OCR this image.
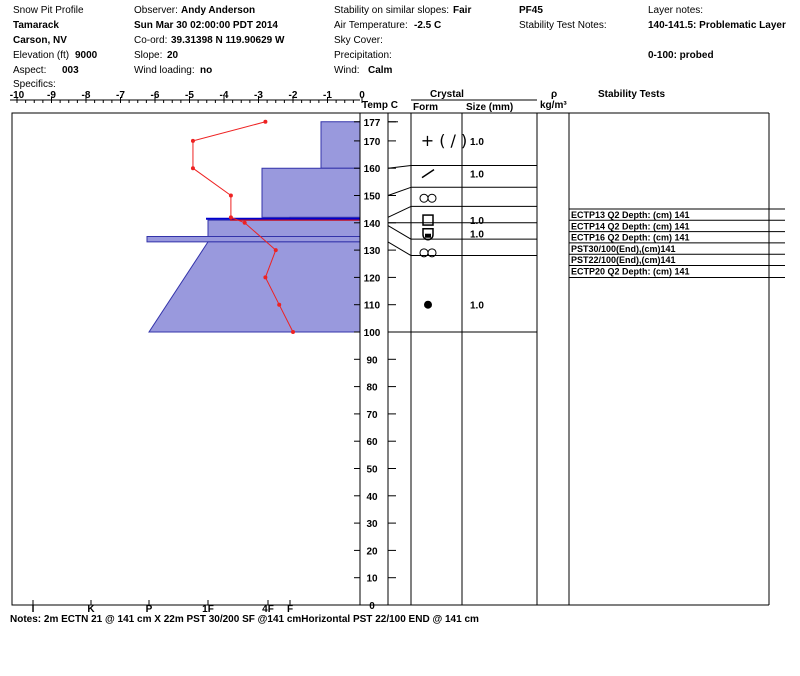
Snow Pit Profile
Tamarack
Carson, NV
Elevation (ft) 9000
Aspect: 003
Specifics:
Observer: Andy Anderson
Sun Mar 30 02:00:00 PDT 2014
Co-ord: 39.31398 N 119.90629 W
Slope: 20
Wind loading: no
Stability on similar slopes: Fair
Air Temperature: -2.5 C
Sky Cover:
Precipitation:
Wind: Calm
PF45
Stability Test Notes:
Layer notes:
140-141.5: Problematic Layer
0-100: probed
Temp C
Crystal
Form	Size (mm)
ρ
kg/m³
Stability Tests
Notes: 2m ECTN 21 @ 141 cm X 22m PST 30/200 SF @141 cmHorizontal PST 22/100 END @ 141 cm
-10 -9	-8	-7	-6	-5	-4	-3	-2	-1	0
0
10
20
30
40
50
60
70
80
90
100
110
120
130
140
150
160
170
177
I	K	P	1F	4F F
+ ( / ) 1.0
1.0
1.0
1.0
1.0
ECTP13 Q2 Depth: (cm) 141
ECTP14 Q2 Depth: (cm) 141
ECTP16 Q2 Depth: (cm) 141
PST30/100(End),(cm)141
PST22/100(End),(cm)141
ECTP20 Q2 Depth: (cm) 141
